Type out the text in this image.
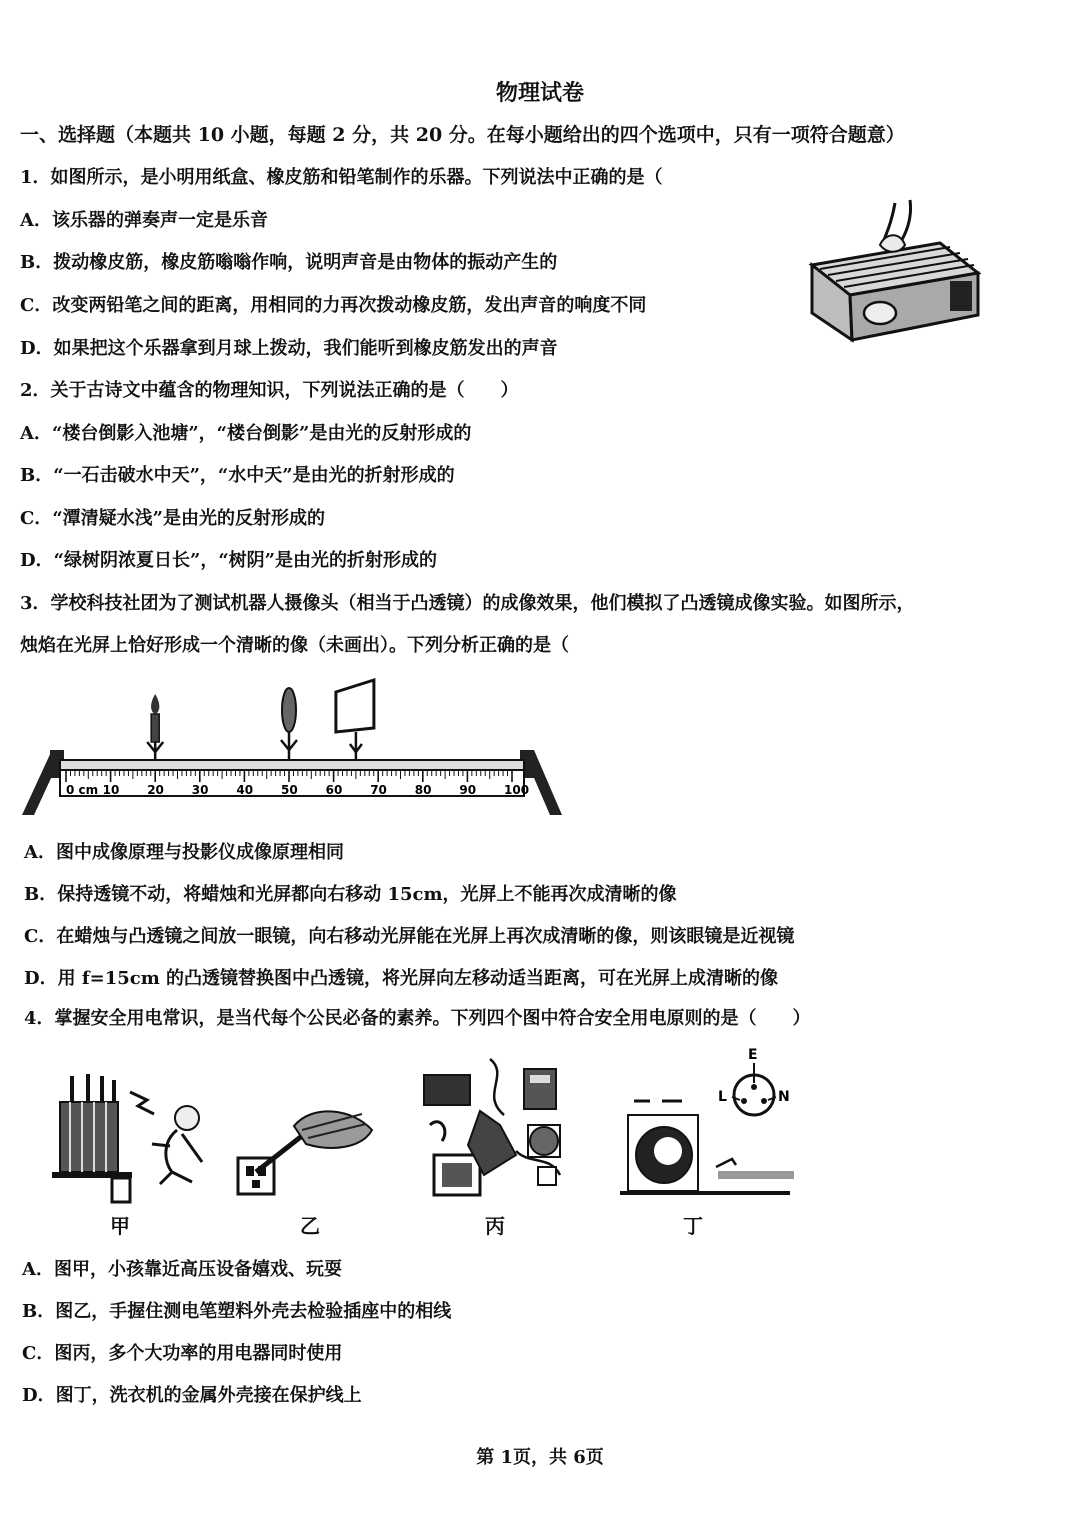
物理试卷
一、选择题（本题共 10 小题，每题 2 分，共 20 分。在每小题给出的四个选项中，只有一项符合题意）
1．如图所示，是小明用纸盒、橡皮筋和铅笔制作的乐器。下列说法中正确的是（
A．该乐器的弹奏声一定是乐音
B．拨动橡皮筋，橡皮筋嗡嗡作响，说明声音是由物体的振动产生的
C．改变两铅笔之间的距离，用相同的力再次拨动橡皮筋，发出声音的响度不同
D．如果把这个乐器拿到月球上拨动，我们能听到橡皮筋发出的声音
2．关于古诗文中蕴含的物理知识，下列说法正确的是（　　）
A．“楼台倒影入池塘”，“楼台倒影”是由光的反射形成的
B．“一石击破水中天”，“水中天”是由光的折射形成的
C．“潭清疑水浅”是由光的反射形成的
D．“绿树阴浓夏日长”，“树阴”是由光的折射形成的
3．学校科技社团为了测试机器人摄像头（相当于凸透镜）的成像效果，他们模拟了凸透镜成像实验。如图所示，
烛焰在光屏上恰好形成一个清晰的像（未画出）。下列分析正确的是（
0 cm 10 20 30 40 50 60 70 80 90 100
A．图中成像原理与投影仪成像原理相同
B．保持透镜不动，将蜡烛和光屏都向右移动 15cm，光屏上不能再次成清晰的像
C．在蜡烛与凸透镜之间放一眼镜，向右移动光屏能在光屏上再次成清晰的像，则该眼镜是近视镜
D．用 f=15cm 的凸透镜替换图中凸透镜，将光屏向左移动适当距离，可在光屏上成清晰的像
4．掌握安全用电常识，是当代每个公民必备的素养。下列四个图中符合安全用电原则的是（　　）
E
L	N
甲	乙	丙	丁
A．图甲，小孩靠近高压设备嬉戏、玩耍
B．图乙，手握住测电笔塑料外壳去检验插座中的相线
C．图丙，多个大功率的用电器同时使用
D．图丁，洗衣机的金属外壳接在保护线上
第 1页，共 6页
